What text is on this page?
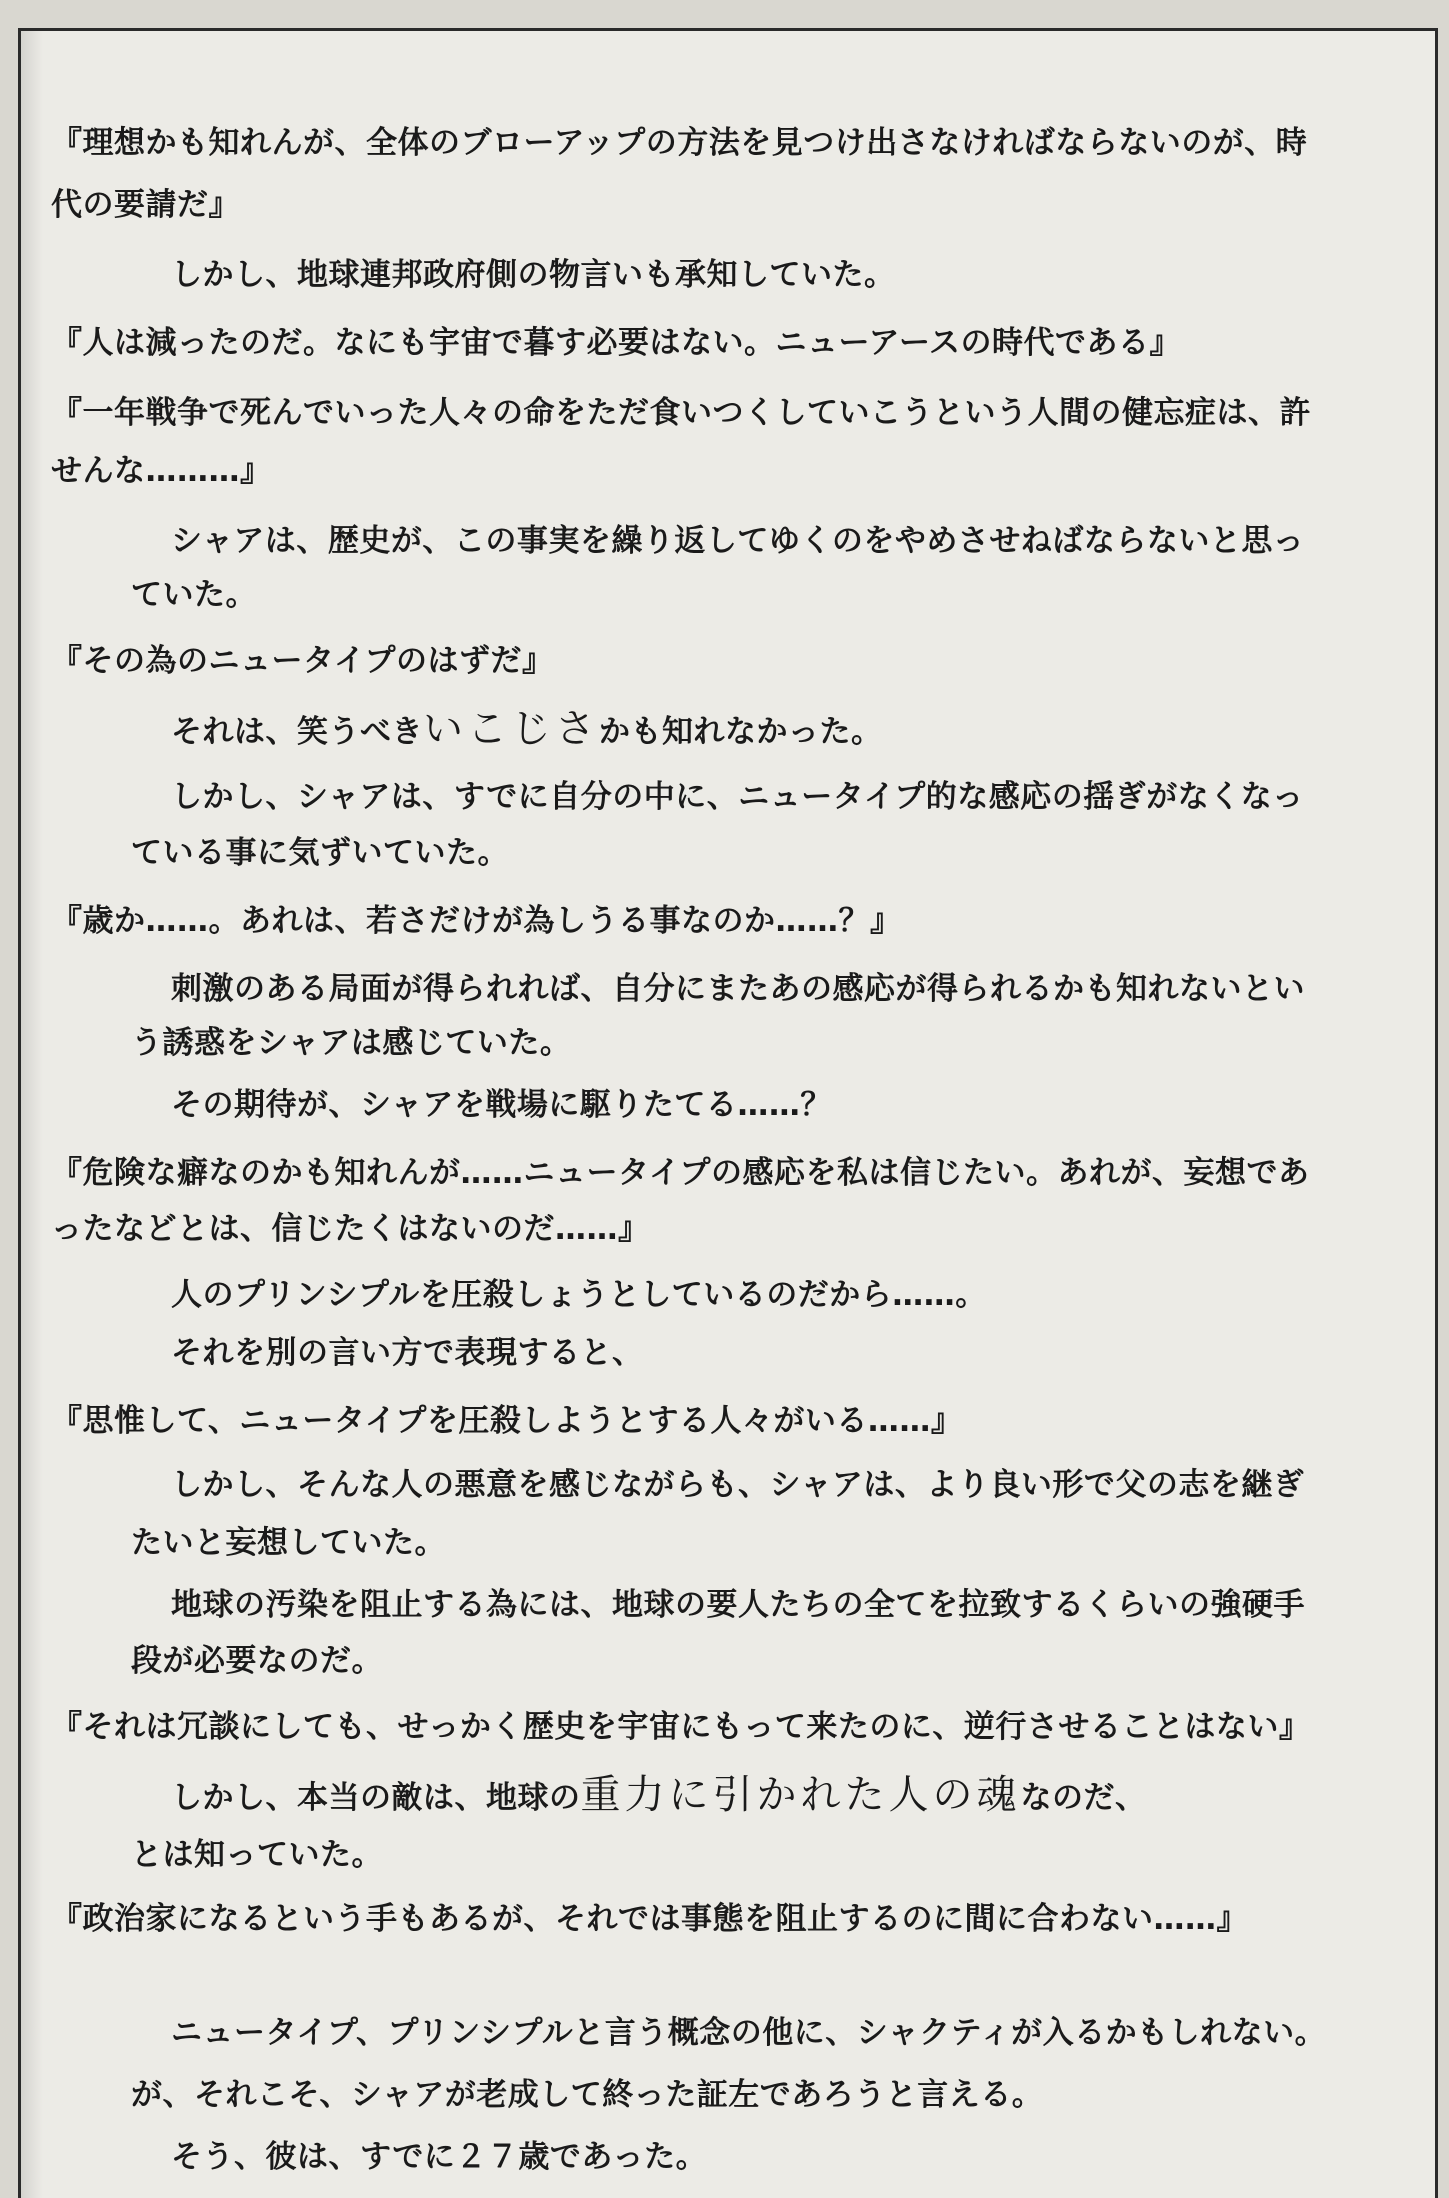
『理想かも知れんが、全体のブローアップの方法を見つけ出さなければならないのが、時
代の要請だ』
しかし、地球連邦政府側の物言いも承知していた。
『人は減ったのだ。なにも宇宙で暮す必要はない。ニューアースの時代である』
『一年戦争で死んでいった人々の命をただ食いつくしていこうという人間の健忘症は、許
せんな………』
シャアは、歴史が、この事実を繰り返してゆくのをやめさせねばならないと思っ
ていた。
『その為のニュータイプのはずだ』
それは、笑うべきいこじさかも知れなかった。
しかし、シャアは、すでに自分の中に、ニュータイプ的な感応の揺ぎがなくなっ
ている事に気ずいていた。
『歳か……。あれは、若さだけが為しうる事なのか……？』
刺激のある局面が得られれば、自分にまたあの感応が得られるかも知れないとい
う誘惑をシャアは感じていた。
その期待が、シャアを戦場に駆りたてる……？
『危険な癖なのかも知れんが……ニュータイプの感応を私は信じたい。あれが、妄想であ
ったなどとは、信じたくはないのだ……』
人のプリンシプルを圧殺しょうとしているのだから……。
それを別の言い方で表現すると、
『思惟して、ニュータイプを圧殺しようとする人々がいる……』
しかし、そんな人の悪意を感じながらも、シャアは、より良い形で父の志を継ぎ
たいと妄想していた。
地球の汚染を阻止する為には、地球の要人たちの全てを拉致するくらいの強硬手
段が必要なのだ。
『それは冗談にしても、せっかく歴史を宇宙にもって来たのに、逆行させることはない』
しかし、本当の敵は、地球の重力に引かれた人の魂なのだ、
とは知っていた。
『政治家になるという手もあるが、それでは事態を阻止するのに間に合わない……』
ニュータイプ、プリンシプルと言う概念の他に、シャクティが入るかもしれない。
が、それこそ、シャアが老成して終った証左であろうと言える。
そう、彼は、すでに２７歳であった。
